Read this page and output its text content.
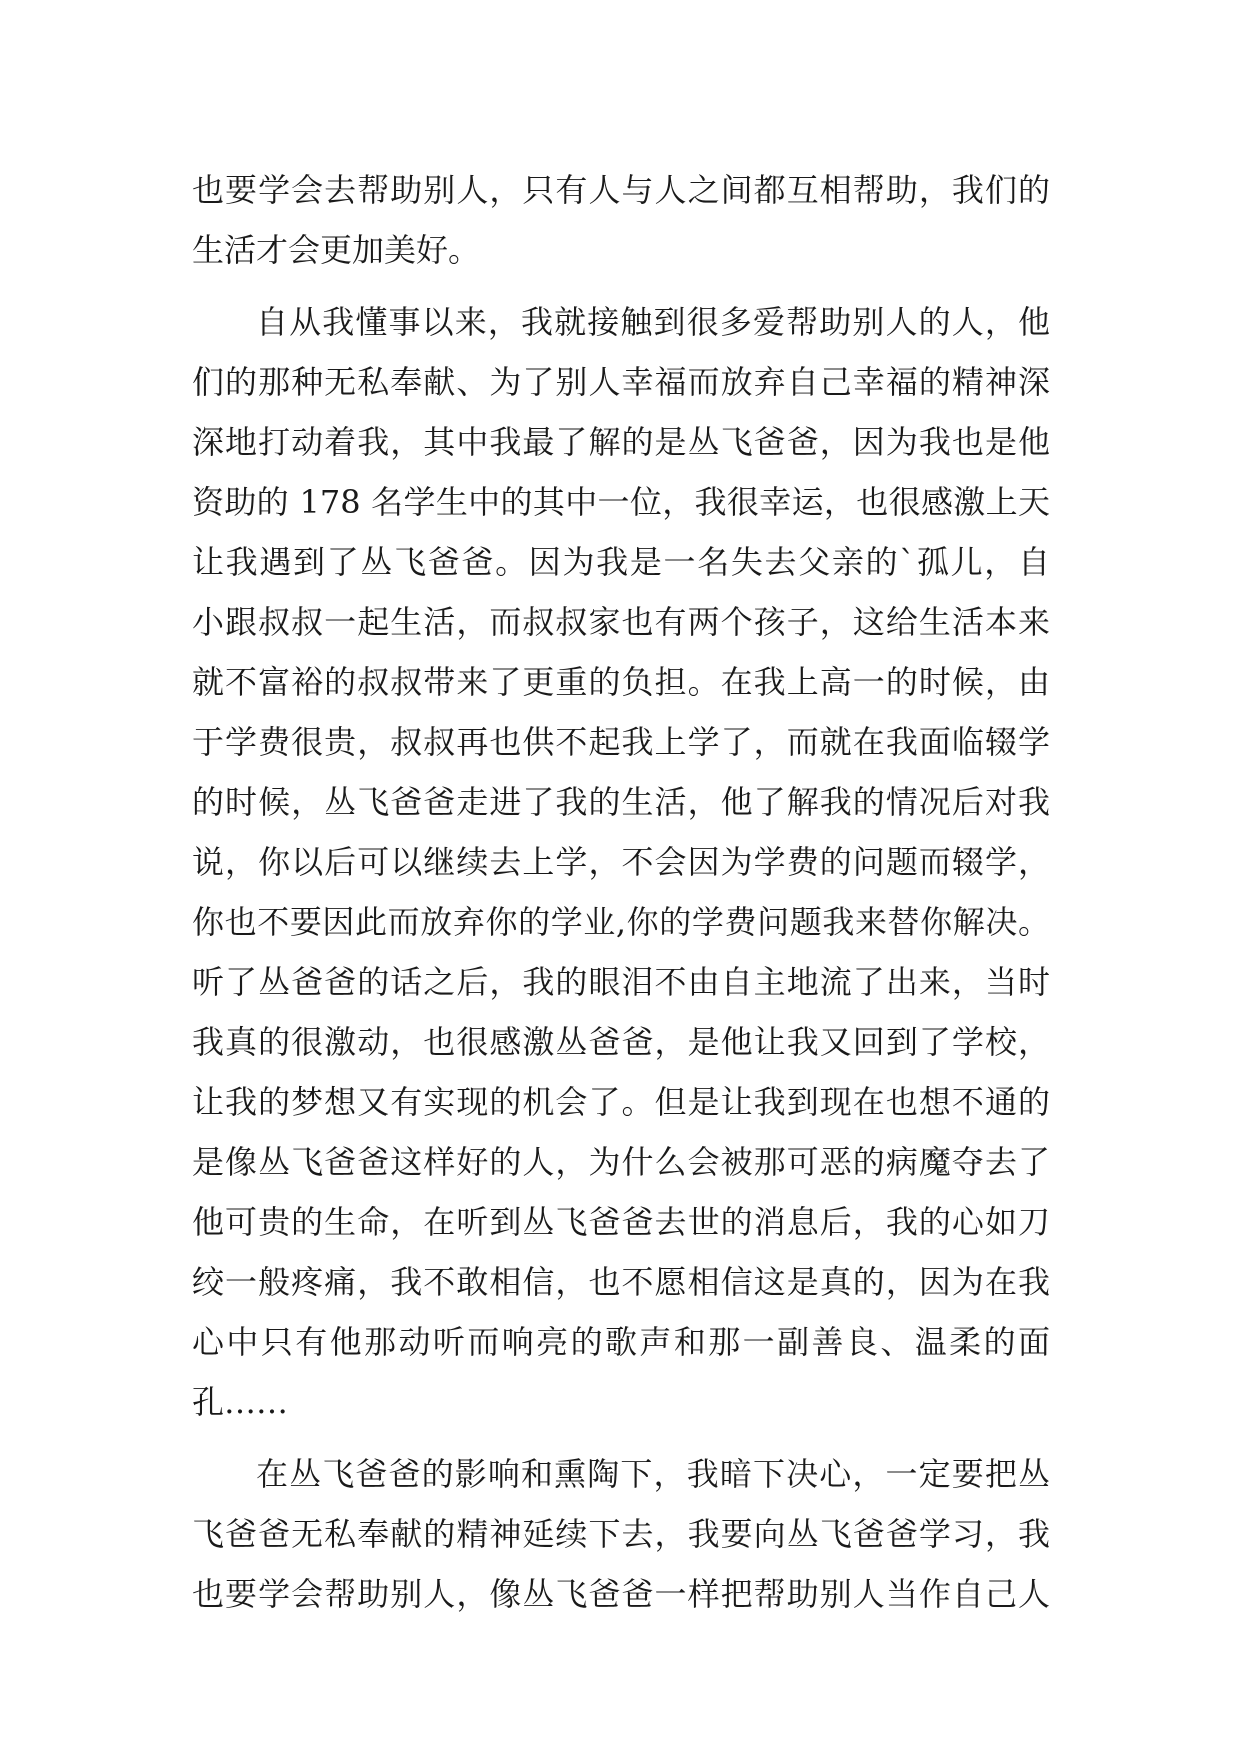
也要学会去帮助别人，只有人与人之间都互相帮助，我们的
生活才会更加美好。
自从我懂事以来，我就接触到很多爱帮助别人的人，他
们的那种无私奉献、为了别人幸福而放弃自己幸福的精神深
深地打动着我，其中我最了解的是丛飞爸爸，因为我也是他
资助的 178 名学生中的其中一位，我很幸运，也很感激上天
让我遇到了丛飞爸爸。因为我是一名失去父亲的`孤儿，自
小跟叔叔一起生活，而叔叔家也有两个孩子，这给生活本来
就不富裕的叔叔带来了更重的负担。在我上高一的时候，由
于学费很贵，叔叔再也供不起我上学了，而就在我面临辍学
的时候，丛飞爸爸走进了我的生活，他了解我的情况后对我
说，你以后可以继续去上学，不会因为学费的问题而辍学，
你也不要因此而放弃你的学业,你的学费问题我来替你解决。
听了丛爸爸的话之后，我的眼泪不由自主地流了出来，当时
我真的很激动，也很感激丛爸爸，是他让我又回到了学校，
让我的梦想又有实现的机会了。但是让我到现在也想不通的
是像丛飞爸爸这样好的人，为什么会被那可恶的病魔夺去了
他可贵的生命，在听到丛飞爸爸去世的消息后，我的心如刀
绞一般疼痛，我不敢相信，也不愿相信这是真的，因为在我
心中只有他那动听而响亮的歌声和那一副善良、温柔的面
孔……
在丛飞爸爸的影响和熏陶下，我暗下决心，一定要把丛
飞爸爸无私奉献的精神延续下去，我要向丛飞爸爸学习，我
也要学会帮助别人，像丛飞爸爸一样把帮助别人当作自己人
